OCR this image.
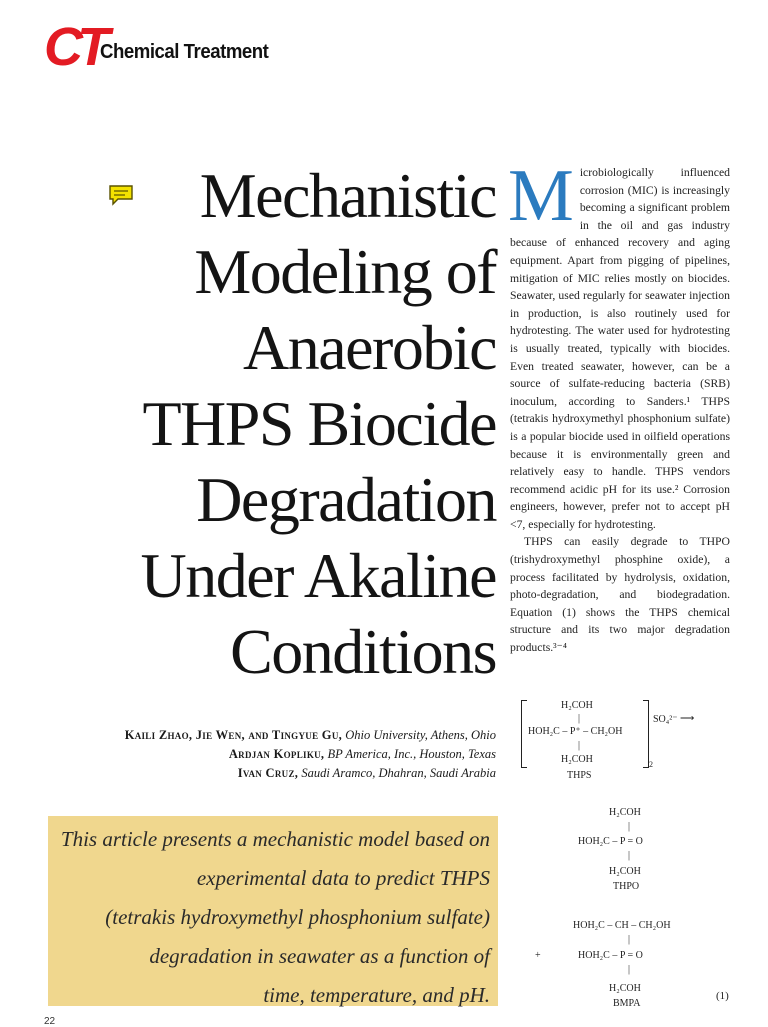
CT
Chemical Treatment
Mechanistic
Modeling of
Anaerobic
THPS Biocide
Degradation
Under Akaline
Conditions
Kaili Zhao, Jie Wen, and Tingyue Gu, Ohio University, Athens, Ohio
Ardjan Kopliku, BP America, Inc., Houston, Texas
Ivan Cruz, Saudi Aramco, Dhahran, Saudi Arabia
This article presents a mechanistic model based on
experimental data to predict THPS
(tetrakis hydroxymethyl phosphonium sulfate)
degradation in seawater as a function of
time, temperature, and pH.
M icrobiologically influenced corrosion (MIC) is increasingly becoming a significant problem in the oil and gas industry because of enhanced recovery and aging equipment. Apart from pigging of pipelines, mitigation of MIC relies mostly on biocides. Seawater, used regularly for seawater injection in production, is also routinely used for hydrotesting. The water used for hydrotesting is usually treated, typically with biocides. Even treated seawater, however, can be a source of sulfate-reducing bacteria (SRB) inoculum, according to Sanders.¹ THPS (tetrakis hydroxymethyl phosphonium sulfate) is a popular biocide used in oilfield operations because it is environmentally green and relatively easy to handle. THPS vendors recommend acidic pH for its use.² Corrosion engineers, however, prefer not to accept pH <7, especially for hydrotesting.

THPS can easily degrade to THPO (trishydroxymethyl phosphine oxide), a process facilitated by hydrolysis, oxidation, photo-degradation, and biodegradation. Equation (1) shows the THPS chemical structure and its two major degradation products.³⁻⁴

H₂COH
|
HOH₂C – P⁺ – CH₂OH
|
H₂COH	2
SO₄²⁻ ⟶
THPS
H₂COH
|
HOH₂C – P = O
|
H₂COH
THPO
HOH₂C – CH – CH₂OH
|
+	HOH₂C – P = O
|
H₂COH
BMPA
(1)
22
